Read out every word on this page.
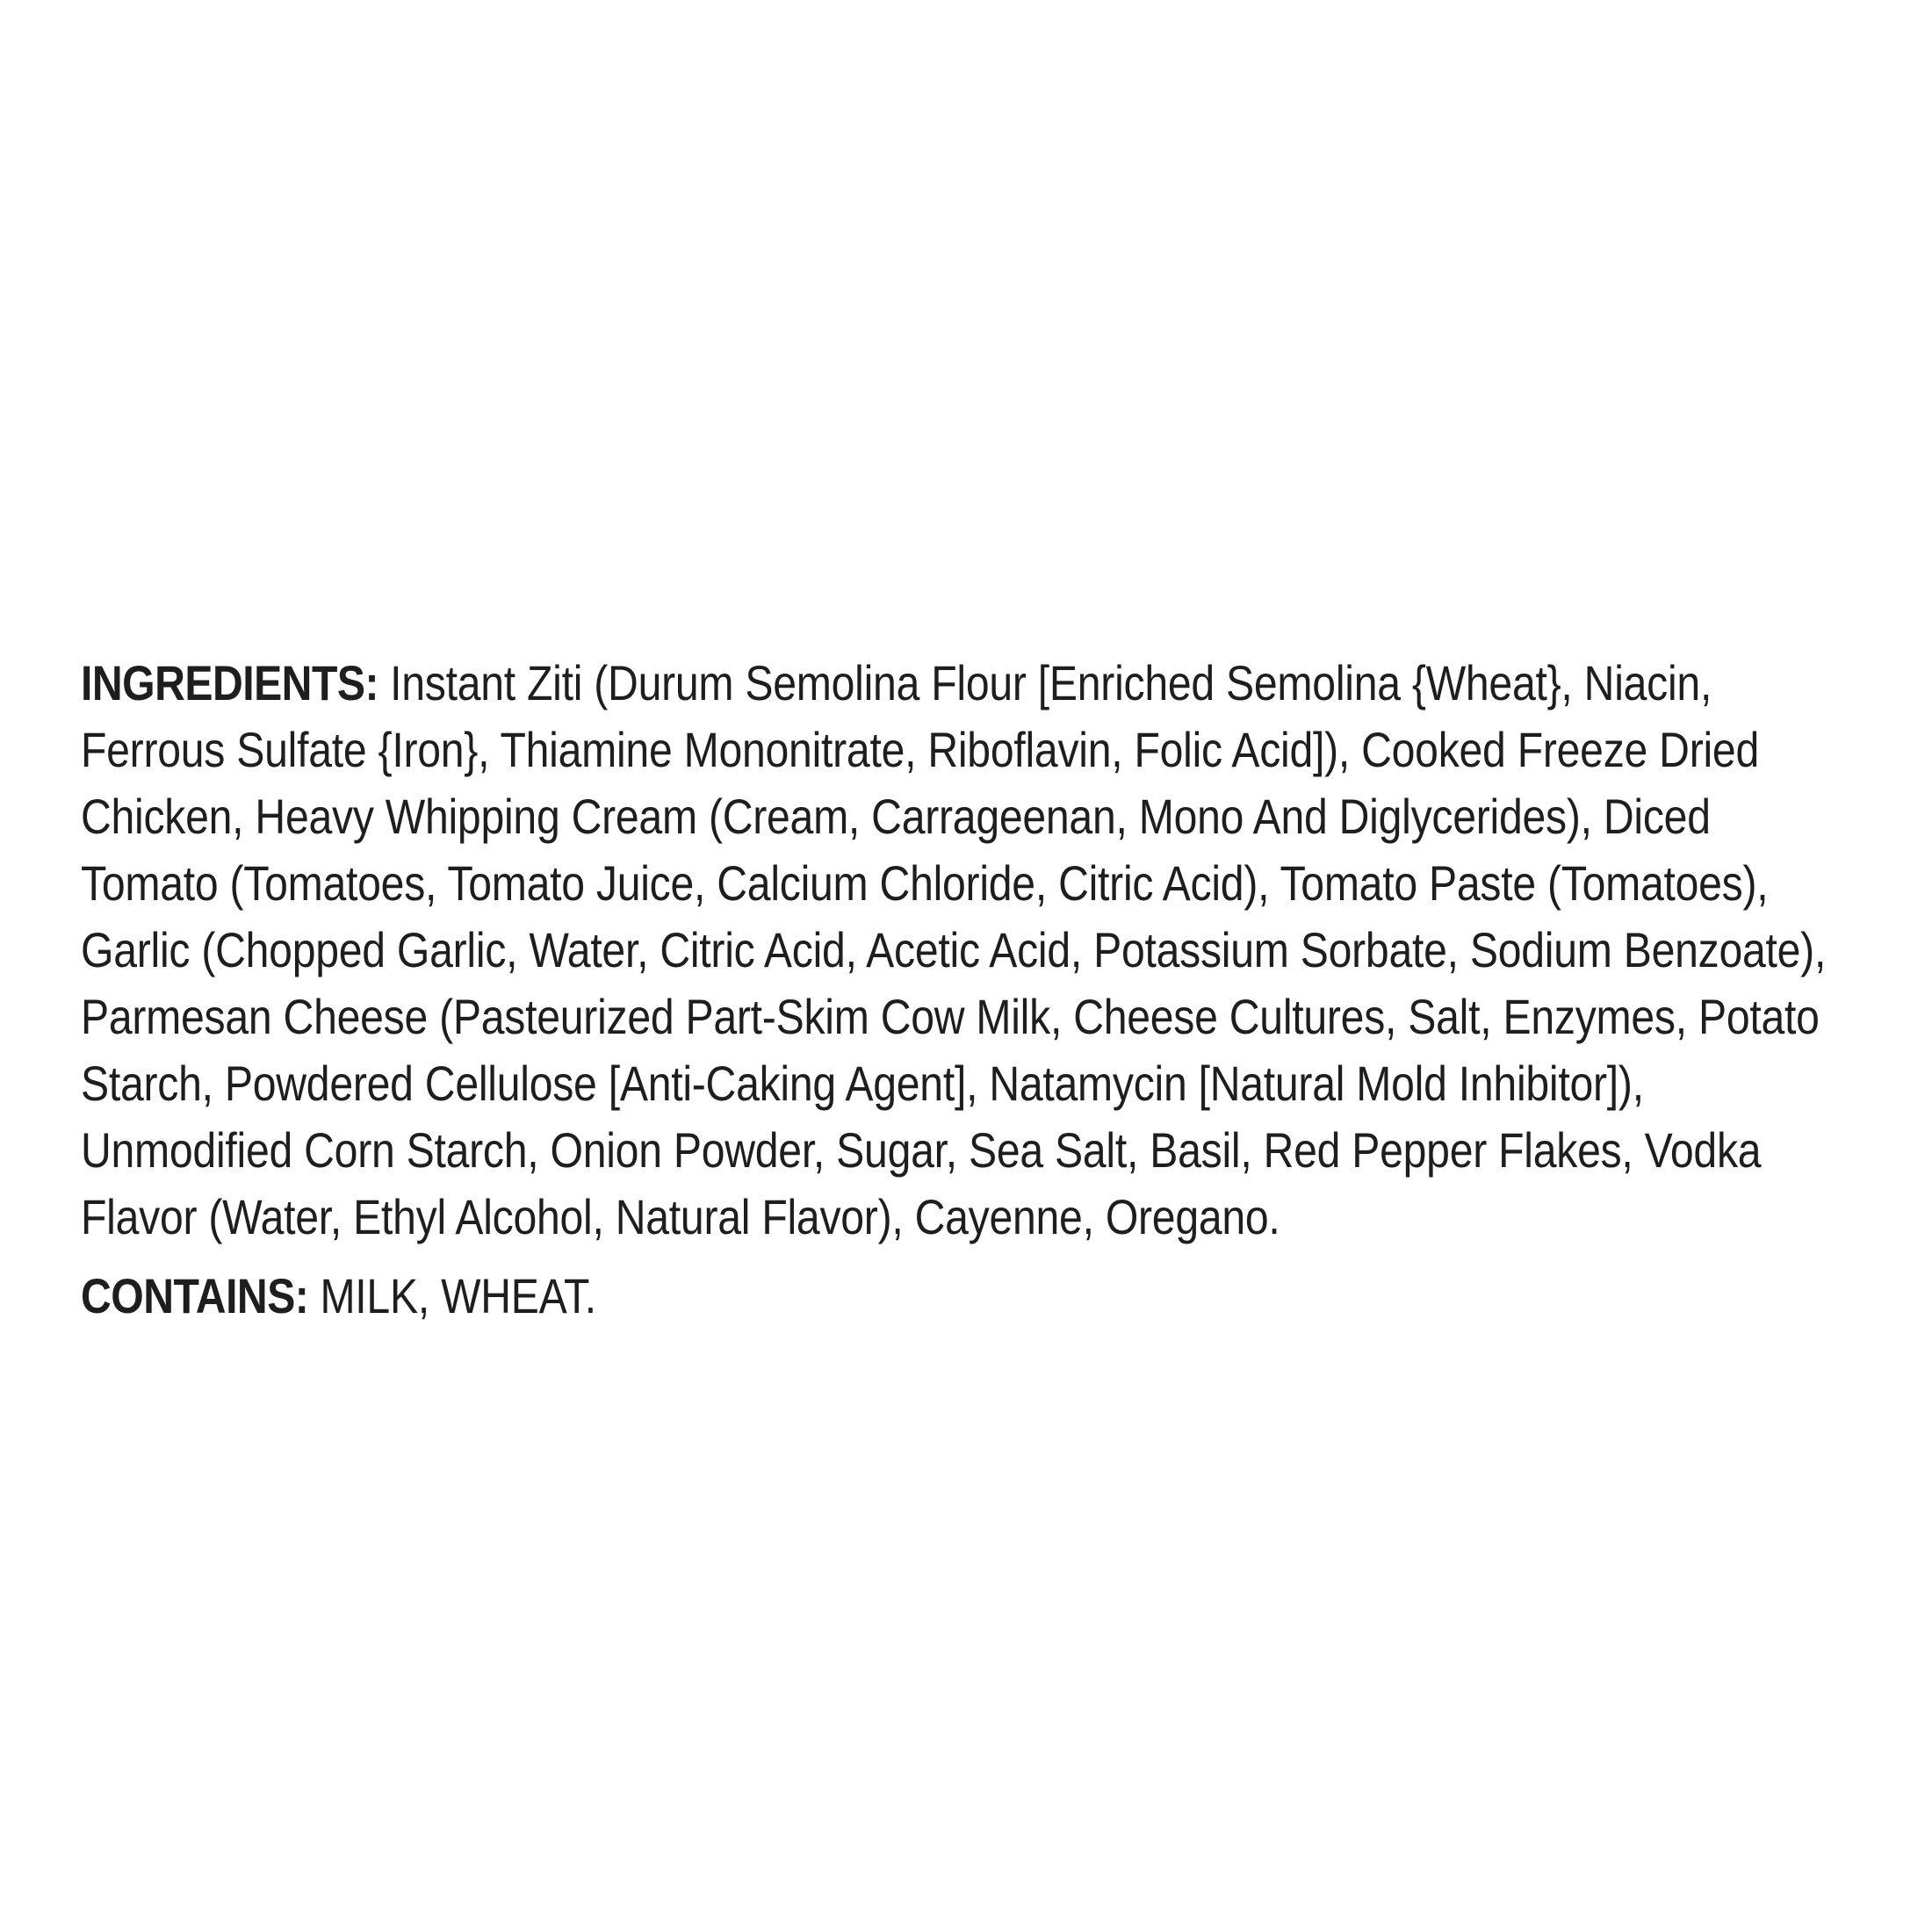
INGREDIENTS: Instant Ziti (Durum Semolina Flour [Enriched Semolina {Wheat}, Niacin,
Ferrous Sulfate {Iron}, Thiamine Mononitrate, Riboflavin, Folic Acid]), Cooked Freeze Dried
Chicken, Heavy Whipping Cream (Cream, Carrageenan, Mono And Diglycerides), Diced
Tomato (Tomatoes, Tomato Juice, Calcium Chloride, Citric Acid), Tomato Paste (Tomatoes),
Garlic (Chopped Garlic, Water, Citric Acid, Acetic Acid, Potassium Sorbate, Sodium Benzoate),
Parmesan Cheese (Pasteurized Part-Skim Cow Milk, Cheese Cultures, Salt, Enzymes, Potato
Starch, Powdered Cellulose [Anti-Caking Agent], Natamycin [Natural Mold Inhibitor]),
Unmodified Corn Starch, Onion Powder, Sugar, Sea Salt, Basil, Red Pepper Flakes, Vodka
Flavor (Water, Ethyl Alcohol, Natural Flavor), Cayenne, Oregano.

CONTAINS: MILK, WHEAT.
